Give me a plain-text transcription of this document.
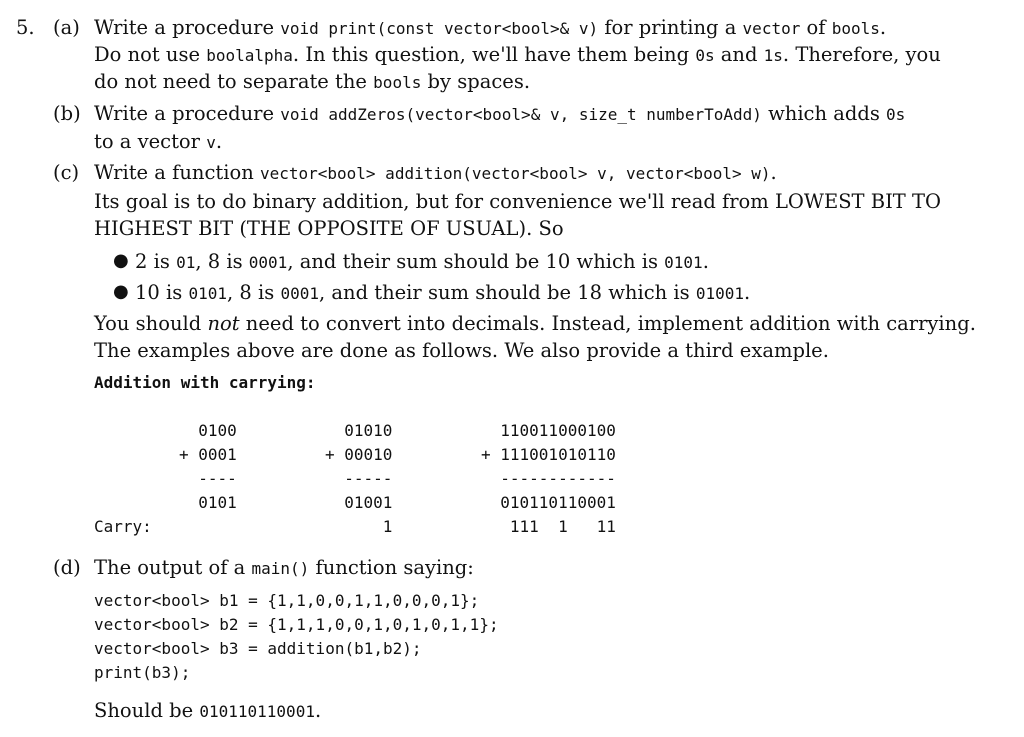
5. (a) Write a procedure void print(const vector<bool>& v) for printing a vector of bools.
Do not use boolalpha. In this question, we'll have them being 0s and 1s. Therefore, you
do not need to separate the bools by spaces.
(b) Write a procedure void addZeros(vector<bool>& v, size_t numberToAdd) which adds 0s
to a vector v.
(c) Write a function vector<bool> addition(vector<bool> v, vector<bool> w).
Its goal is to do binary addition, but for convenience we'll read from LOWEST BIT TO
HIGHEST BIT (THE OPPOSITE OF USUAL). So
● 2 is 01, 8 is 0001, and their sum should be 10 which is 0101.
● 10 is 0101, 8 is 0001, and their sum should be 18 which is 01001.
You should not need to convert into decimals. Instead, implement addition with carrying.
The examples above are done as follows. We also provide a third example.
Addition with carrying:
0100
+ 0001
----
0101

01010
+ 00010
-----
01001
1
110011000100
+ 111001010110
------------
010110110001
111  1   11
Carry:
(d) The output of a main() function saying:
vector<bool> b1 = {1,1,0,0,1,1,0,0,0,1};
vector<bool> b2 = {1,1,1,0,0,1,0,1,0,1,1};
vector<bool> b3 = addition(b1,b2);
print(b3);
Should be 010110110001.
